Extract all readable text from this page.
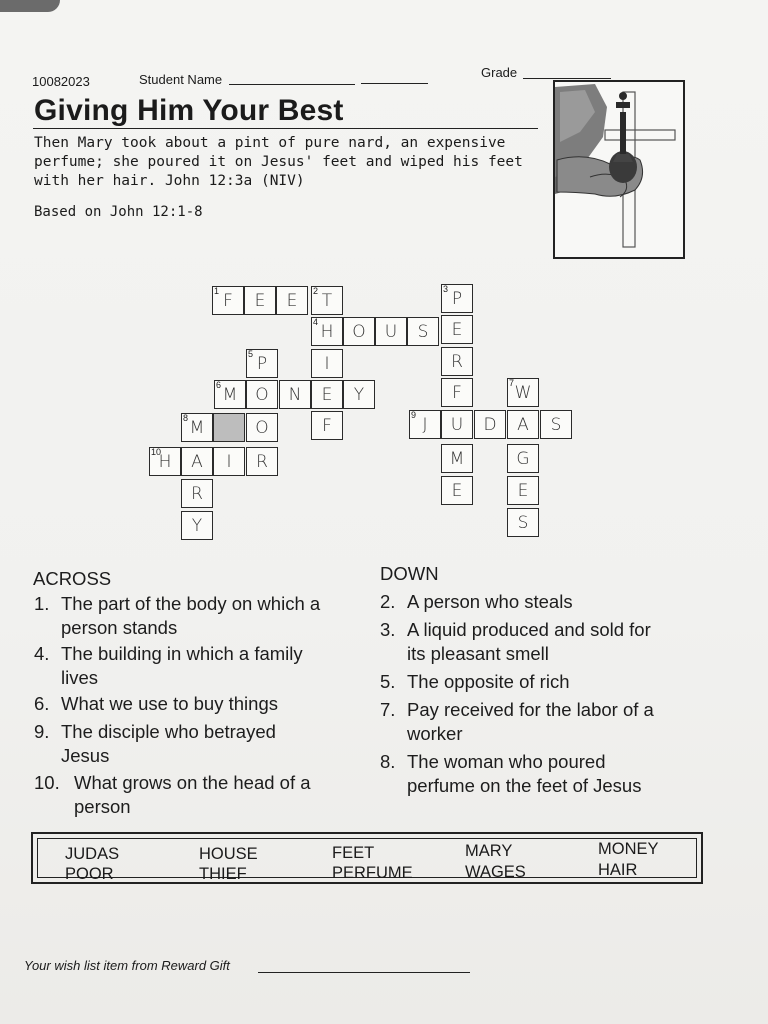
10082023	Student Name	Grade
Giving Him Your Best
Then Mary took about a pint of pure nard, an expensive
perfume; she poured it on Jesus' feet and wiped his feet
with her hair. John 12:3a (NIV)
Based on John 12:1-8
1 F E E 2 T
3 P
4 H O U S E
5 P	I	R
6 M O N E Y	F	7 W
8 M	O	F
9 J U D A S
10
H A I R	M	G
R	E	E
Y	S
ACROSS	DOWN
1. The part of the body on which a
person stands
4. The building in which a family
lives
6. What we use to buy things
9. The disciple who betrayed
Jesus
10. What grows on the head of a
person
2. A person who steals
3. A liquid produced and sold for
its pleasant smell
5. The opposite of rich
7. Pay received for the labor of a
worker
8. The woman who poured
perfume on the feet of Jesus
JUDAS
POOR
HOUSE
THIEF
FEET
PERFUME
MARY
WAGES
MONEY
HAIR
Your wish list item from Reward Gift
